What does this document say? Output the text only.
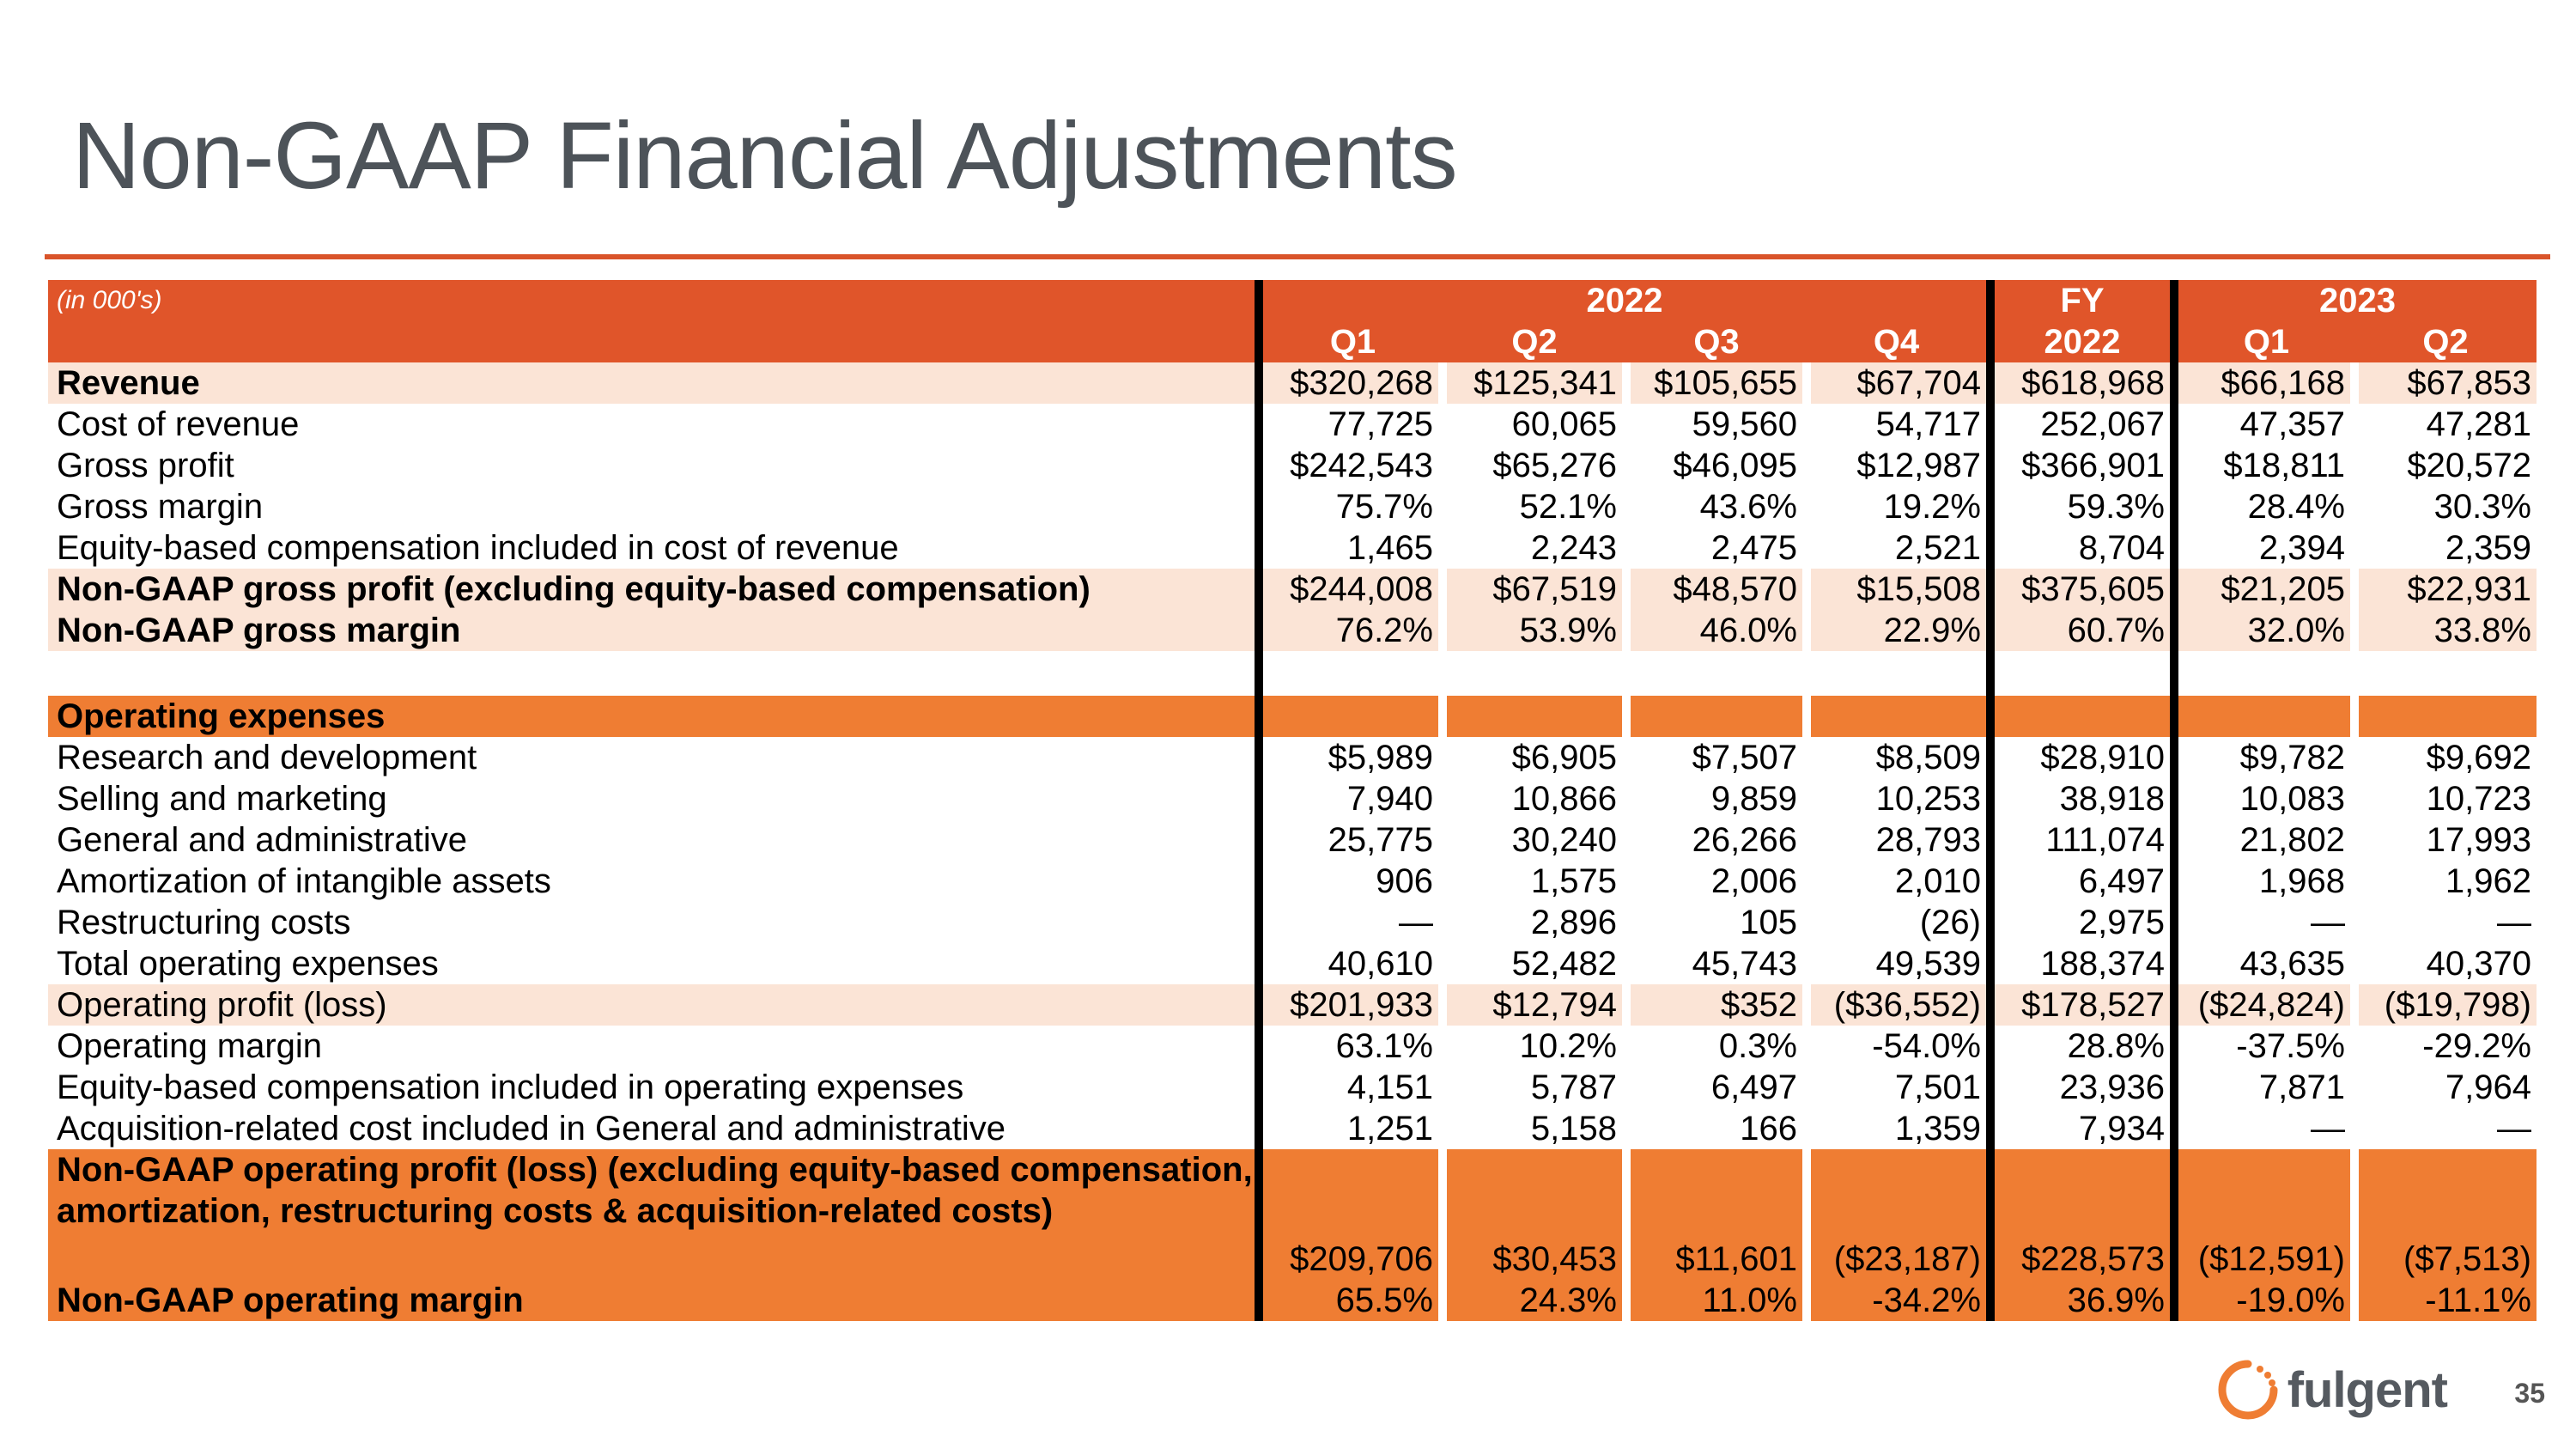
Non-GAAP Financial Adjustments
(in 000's)	2022				FY	2023	
	Q1	Q2	Q3	Q4	2022	Q1	Q2
Revenue	$320,268	$125,341	$105,655	$67,704	$618,968	$66,168	$67,853
Cost of revenue	77,725	60,065	59,560	54,717	252,067	47,357	47,281
Gross profit	$242,543	$65,276	$46,095	$12,987	$366,901	$18,811	$20,572
Gross margin	75.7%	52.1%	43.6%	19.2%	59.3%	28.4%	30.3%
Equity-based compensation included in cost of revenue	1,465	2,243	2,475	2,521	8,704	2,394	2,359
Non-GAAP gross profit (excluding equity-based compensation)	$244,008	$67,519	$48,570	$15,508	$375,605	$21,205	$22,931
Non-GAAP gross margin	76.2%	53.9%	46.0%	22.9%	60.7%	32.0%	33.8%

Operating expenses							
Research and development	$5,989	$6,905	$7,507	$8,509	$28,910	$9,782	$9,692
Selling and marketing	7,940	10,866	9,859	10,253	38,918	10,083	10,723
General and administrative	25,775	30,240	26,266	28,793	111,074	21,802	17,993
Amortization of intangible assets	906	1,575	2,006	2,010	6,497	1,968	1,962
Restructuring costs	—	2,896	105	(26)	2,975	—	—
Total operating expenses	40,610	52,482	45,743	49,539	188,374	43,635	40,370
Operating profit (loss)	$201,933	$12,794	$352	($36,552)	$178,527	($24,824)	($19,798)
Operating margin	63.1%	10.2%	0.3%	-54.0%	28.8%	-37.5%	-29.2%
Equity-based compensation included in operating expenses	4,151	5,787	6,497	7,501	23,936	7,871	7,964
Acquisition-related cost included in General and administrative	1,251	5,158	166	1,359	7,934	—	—
Non-GAAP operating profit (loss) (excluding equity-based compensation, amortization, restructuring costs & acquisition-related costs)	$209,706	$30,453	$11,601	($23,187)	$228,573	($12,591)	($7,513)
Non-GAAP operating margin	65.5%	24.3%	11.0%	-34.2%	36.9%	-19.0%	-11.1%
fulgent 35
